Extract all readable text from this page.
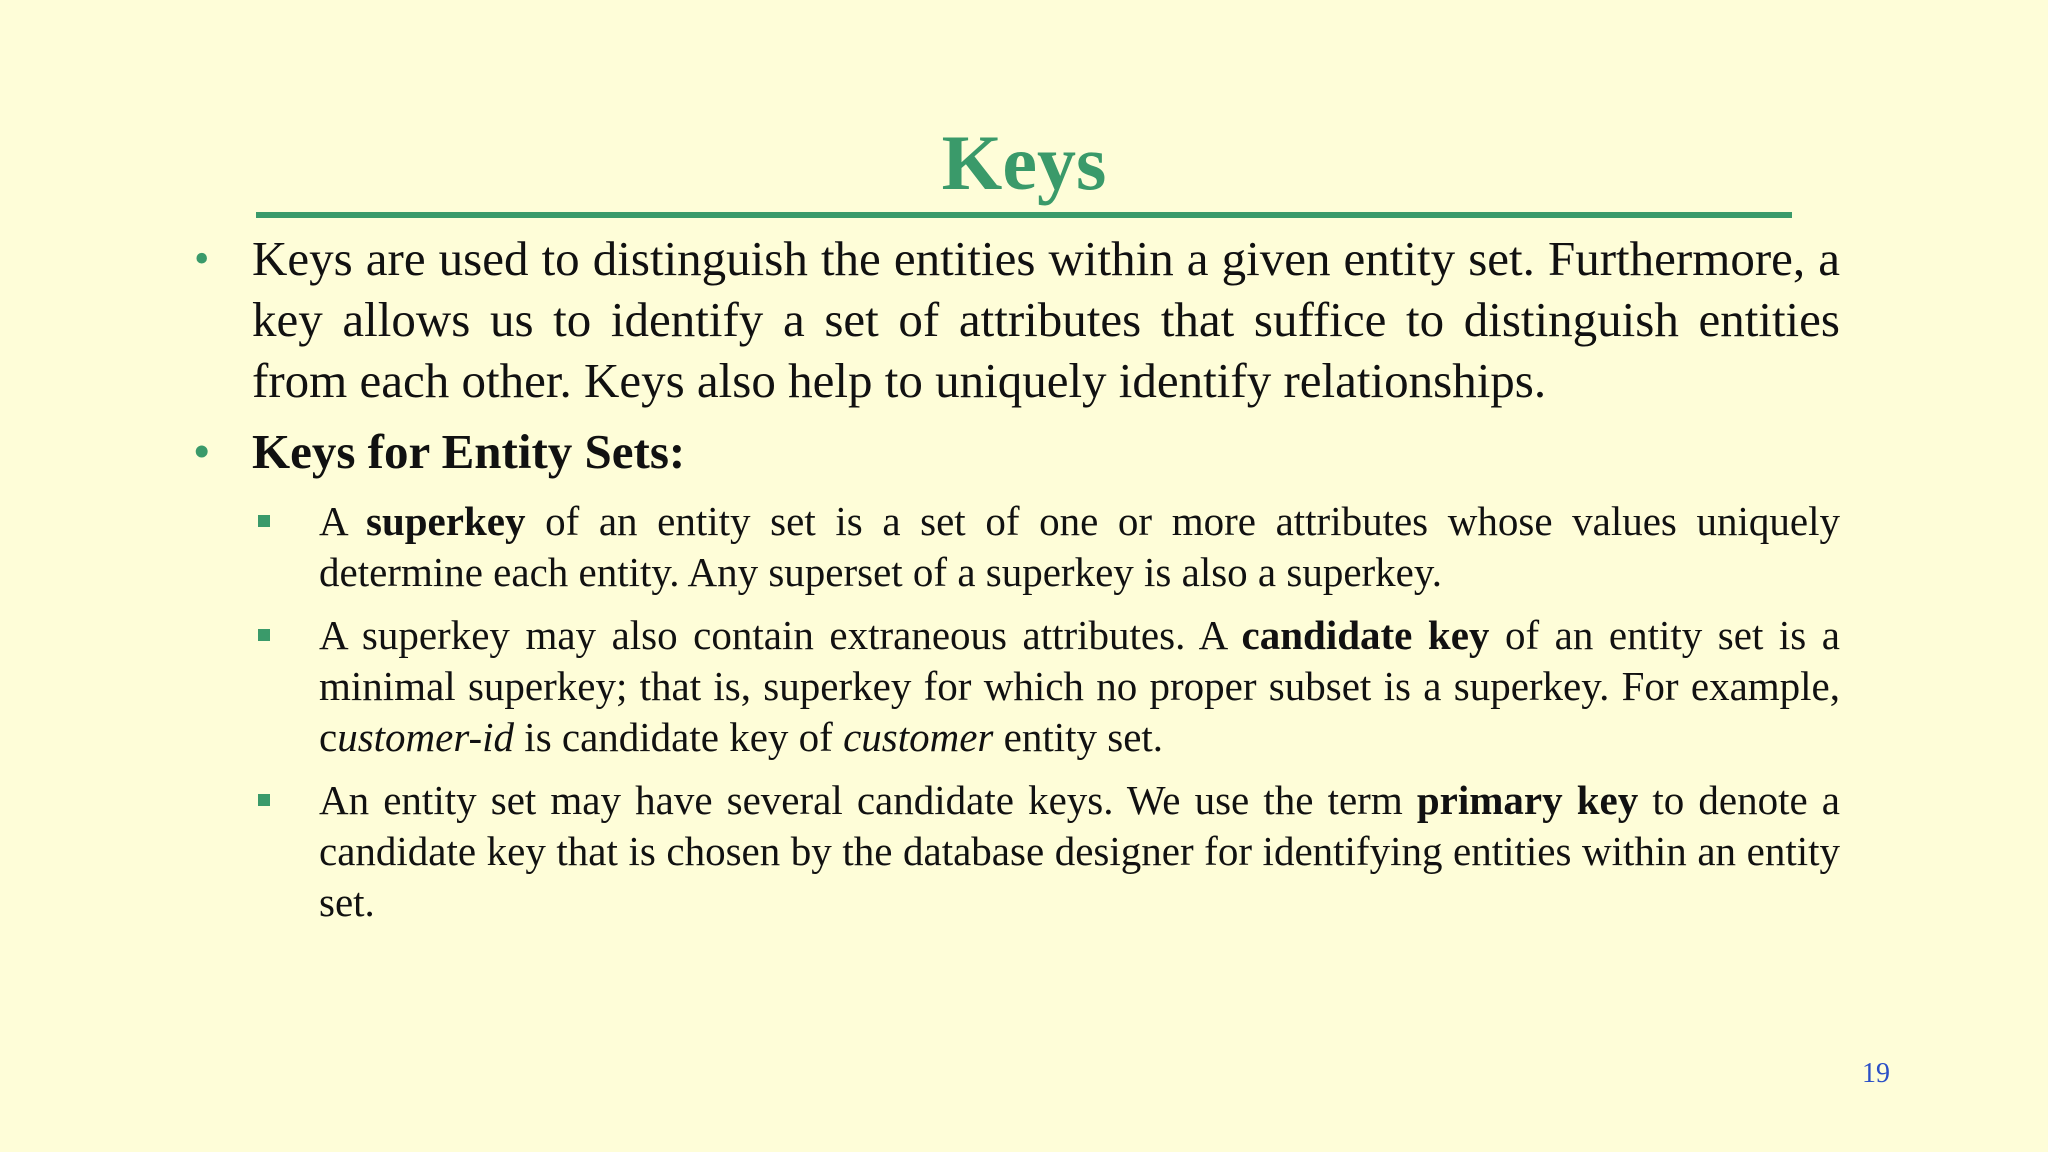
Keys
• Keys are used to distinguish the entities within a given entity set. Furthermore, a key allows us to identify a set of attributes that suffice to distinguish entities from each other. Keys also help to uniquely identify relationships.
• Keys for Entity Sets:
A superkey of an entity set is a set of one or more attributes whose values uniquely determine each entity. Any superset of a superkey is also a superkey.
A superkey may also contain extraneous attributes. A candidate key of an entity set is a minimal superkey; that is, superkey for which no proper subset is a superkey. For example, customer-id is candidate key of customer entity set.
An entity set may have several candidate keys. We use the term primary key to denote a candidate key that is chosen by the database designer for identifying entities within an entity set.
19
